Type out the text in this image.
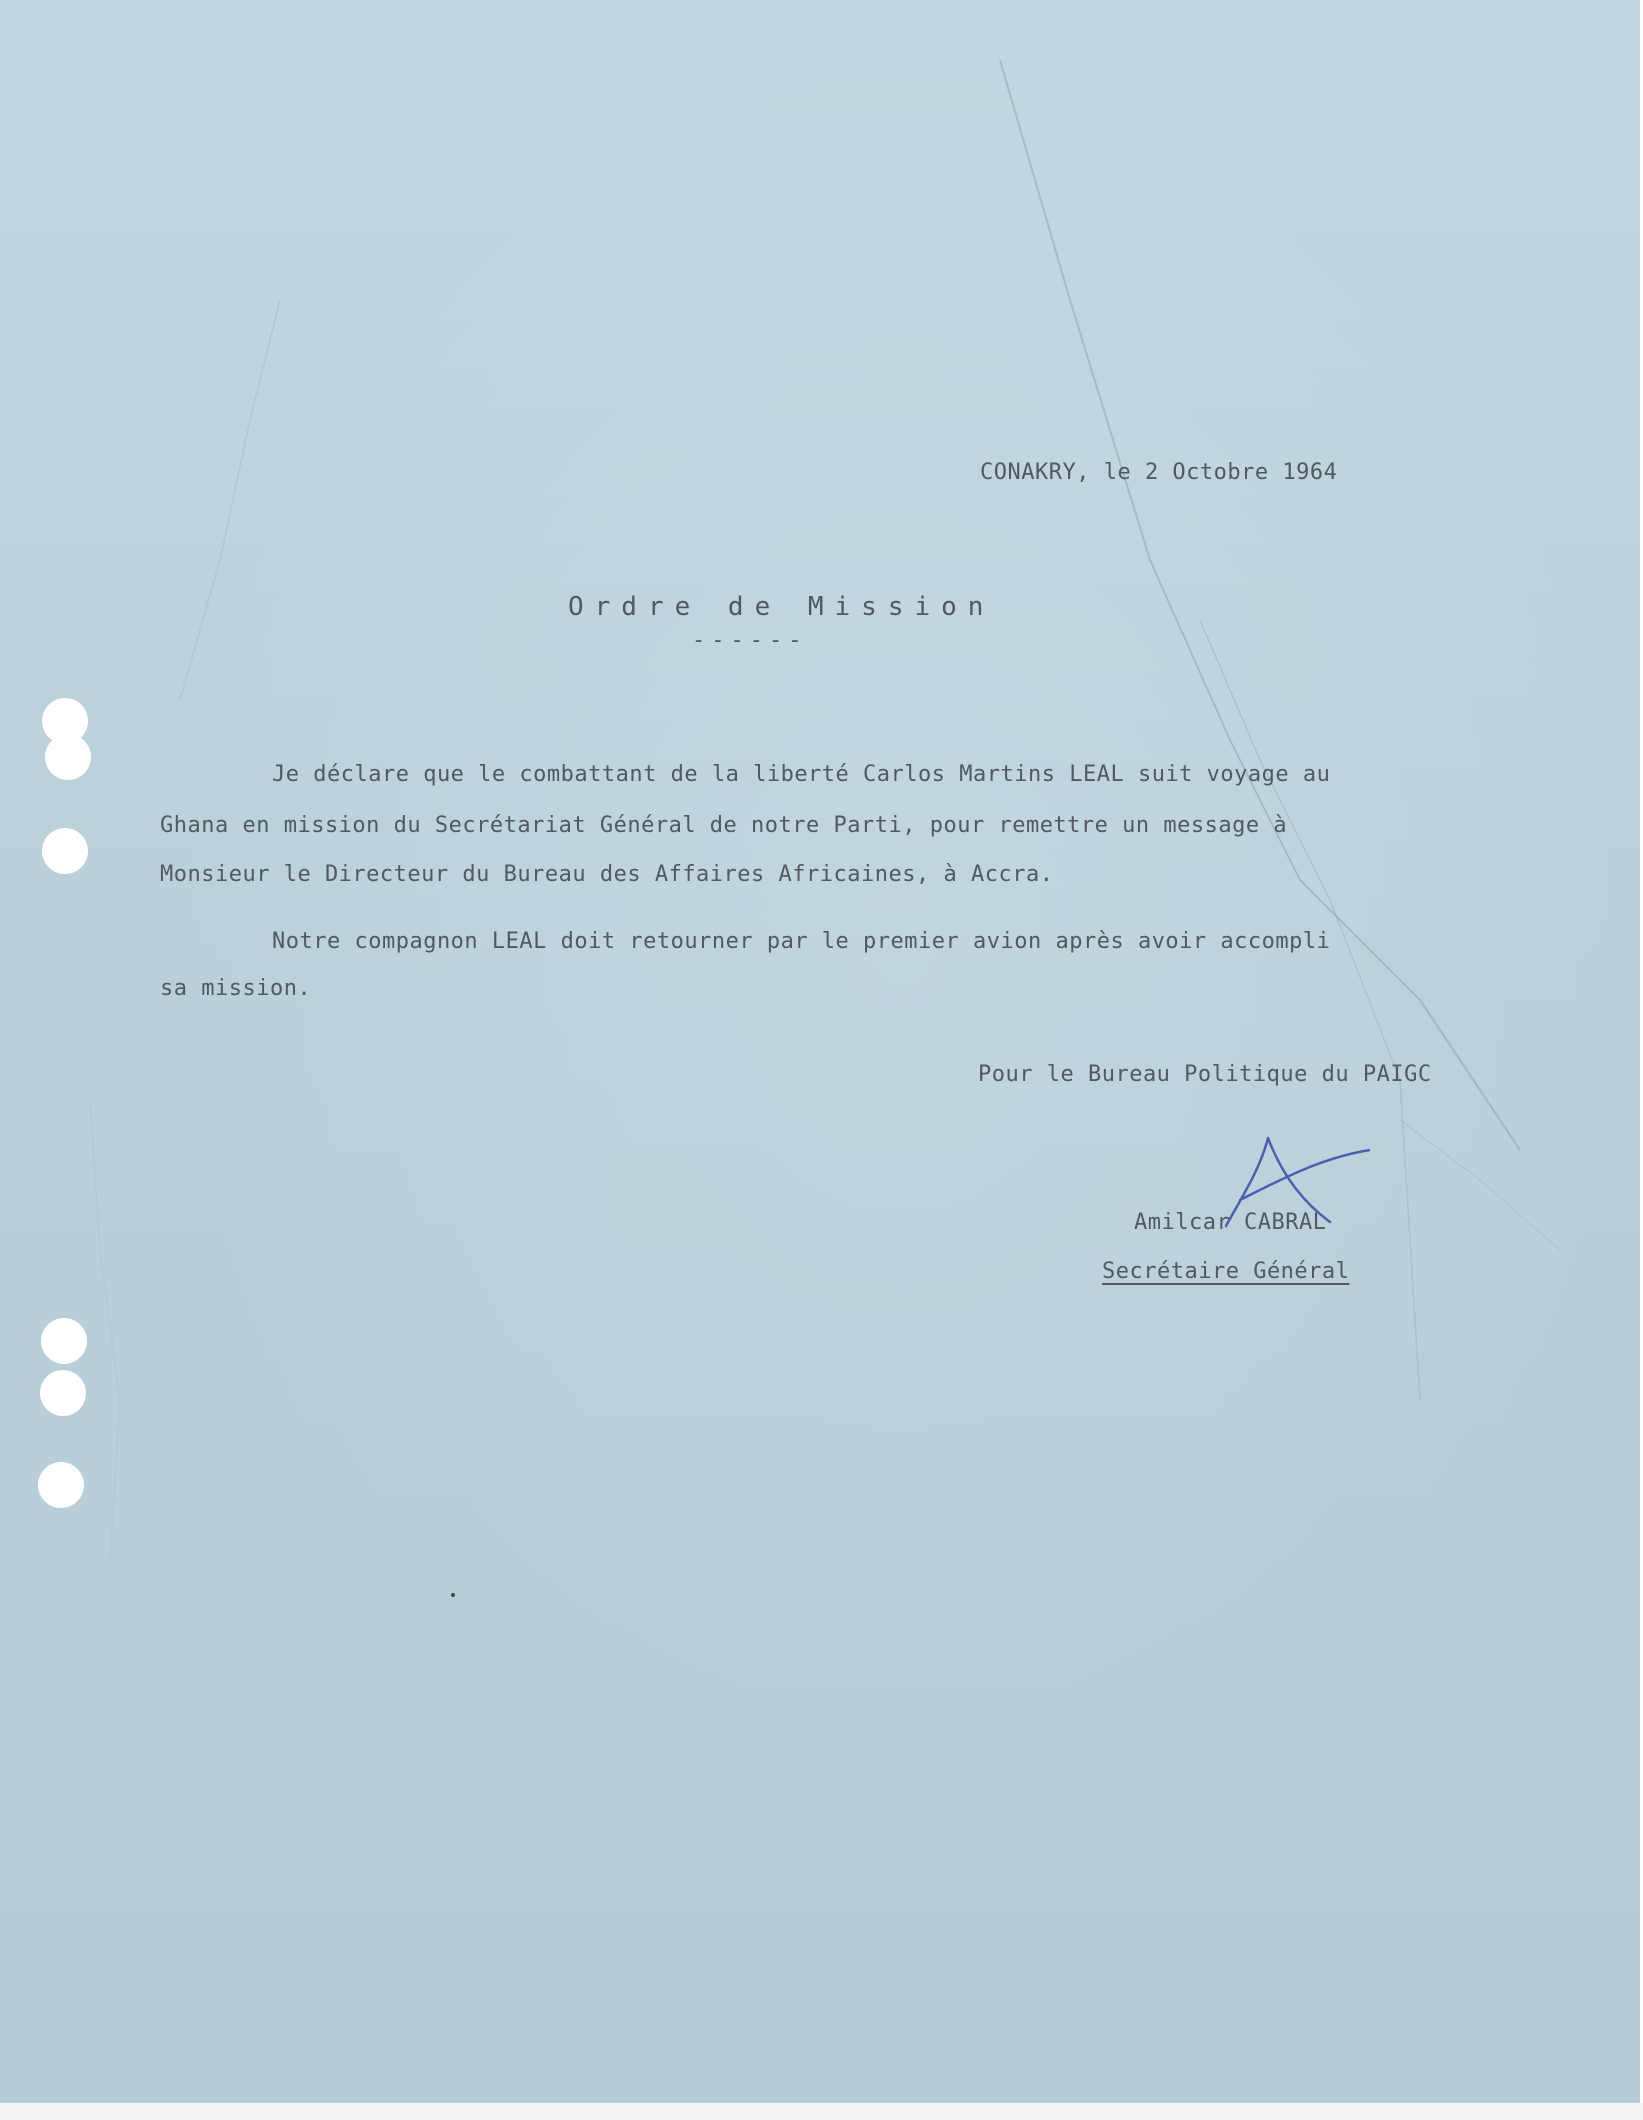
CONAKRY, le 2 Octobre 1964
Ordre de Mission
------
Je déclare que le combattant de la liberté Carlos Martins LEAL suit voyage au
Ghana en mission du Secrétariat Général de notre Parti, pour remettre un message à
Monsieur le Directeur du Bureau des Affaires Africaines, à Accra.
Notre compagnon LEAL doit retourner par le premier avion après avoir accompli
sa mission.
Pour le Bureau Politique du PAIGC
Amilcar CABRAL
Secrétaire Général
